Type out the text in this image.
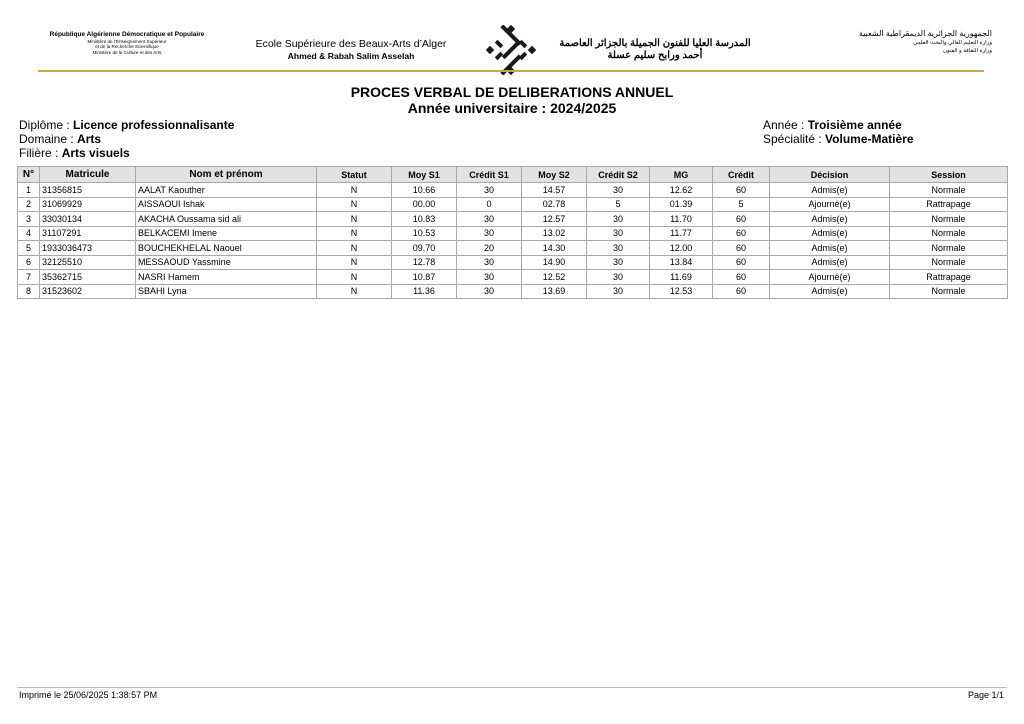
République Algérienne Démocratique et Populaire
Ministère de l’Enseignement Supérieur
et de la Recherche Scientifique
Ministère de la Culture et des Arts
Ecole Supérieure des Beaux-Arts d’Alger
Ahmed & Rabah Salim Asselah
المدرسة العليا للفنون الجميلة بالجزائر العاصمة
أحمد ورابح سليم عسلة
الجمهورية الجزائرية الديمقراطية الشعبية
وزارة التعليم العالي والبحث العلمي
وزارة الثقافة و الفنون
PROCES VERBAL DE DELIBERATIONS ANNUEL
Année universitaire : 2024/2025
Diplôme : Licence professionnalisante
Domaine : Arts
Filière : Arts visuels
Année : Troisième année
Spécialité : Volume-Matière
N°	Matricule	Nom et prénom	Statut	Moy S1	Crédit S1	Moy S2	Crédit S2	MG	Crédit	Décision	Session
1	31356815	AALAT Kaouther	N	10.66	30	14.57	30	12.62	60	Admis(e)	Normale
2	31069929	AISSAOUI Ishak	N	00.00	0	02.78	5	01.39	5	Ajourné(e)	Rattrapage
3	33030134	AKACHA Oussama sid ali	N	10.83	30	12.57	30	11.70	60	Admis(e)	Normale
4	31107291	BELKACEMI Imene	N	10.53	30	13.02	30	11.77	60	Admis(e)	Normale
5	1933036473	BOUCHEKHELAL Naouel	N	09.70	20	14.30	30	12.00	60	Admis(e)	Normale
6	32125510	MESSAOUD Yassmine	N	12.78	30	14.90	30	13.84	60	Admis(e)	Normale
7	35362715	NASRI Hamem	N	10.87	30	12.52	30	11.69	60	Ajourné(e)	Rattrapage
8	31523602	SBAHI Lyna	N	11.36	30	13.69	30	12.53	60	Admis(e)	Normale
Imprimé le 25/06/2025 1:38:57 PM	Page 1/1
